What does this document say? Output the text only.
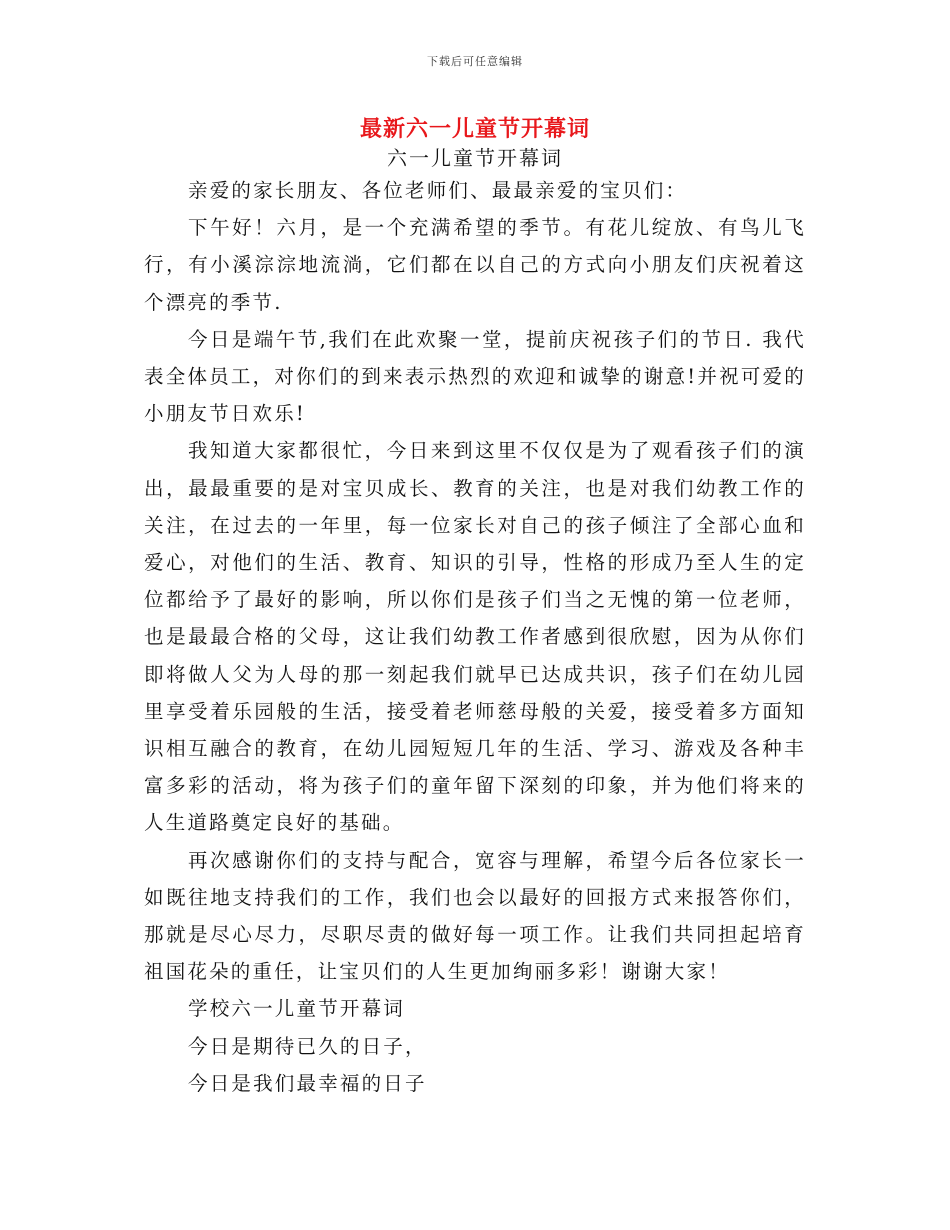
下载后可任意编辑
最新六一儿童节开幕词
六一儿童节开幕词

亲爱的家长朋友、各位老师们、最最亲爱的宝贝们：

下午好！六月，是一个充满希望的季节。有花儿绽放、有鸟儿飞行，有小溪淙淙地流淌，它们都在以自己的方式向小朋友们庆祝着这个漂亮的季节.

今日是端午节,我们在此欢聚一堂，提前庆祝孩子们的节日. 我代表全体员工，对你们的到来表示热烈的欢迎和诚挚的谢意!并祝可爱的小朋友节日欢乐!

我知道大家都很忙，今日来到这里不仅仅是为了观看孩子们的演出，最最重要的是对宝贝成长、教育的关注，也是对我们幼教工作的关注，在过去的一年里，每一位家长对自己的孩子倾注了全部心血和爱心，对他们的生活、教育、知识的引导，性格的形成乃至人生的定位都给予了最好的影响，所以你们是孩子们当之无愧的第一位老师，也是最最合格的父母，这让我们幼教工作者感到很欣慰，因为从你们即将做人父为人母的那一刻起我们就早已达成共识，孩子们在幼儿园里享受着乐园般的生活，接受着老师慈母般的关爱，接受着多方面知识相互融合的教育，在幼儿园短短几年的生活、学习、游戏及各种丰富多彩的活动，将为孩子们的童年留下深刻的印象，并为他们将来的人生道路奠定良好的基础。

再次感谢你们的支持与配合，宽容与理解，希望今后各位家长一如既往地支持我们的工作，我们也会以最好的回报方式来报答你们，那就是尽心尽力，尽职尽责的做好每一项工作。让我们共同担起培育祖国花朵的重任，让宝贝们的人生更加绚丽多彩！谢谢大家！

学校六一儿童节开幕词

今日是期待已久的日子，

今日是我们最幸福的日子
